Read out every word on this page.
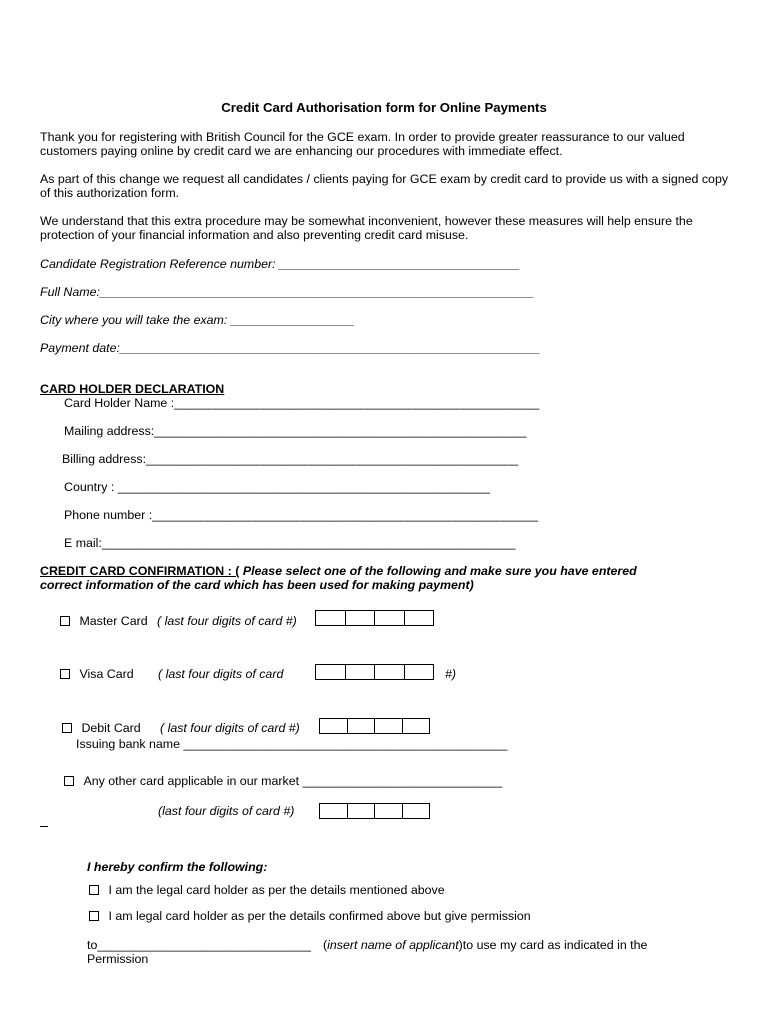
Credit Card Authorisation form for Online Payments
Thank you for registering with British Council for the GCE exam. In order to provide greater reassurance to our valued customers paying online by credit card we are enhancing our procedures with immediate effect.
As part of this change we request all candidates / clients paying for GCE exam by credit card to provide us with a signed copy of this authorization form.
We understand that this extra procedure may be somewhat inconvenient, however these measures will help ensure the protection of your financial information and also preventing credit card misuse.
Candidate Registration Reference number: ___________________________________
Full Name:_______________________________________________________________
City where you will take the exam: __________________
Payment date:_____________________________________________________________
CARD HOLDER DECLARATION
Card Holder Name :_____________________________________________________
Mailing address:______________________________________________________
Billing address:______________________________________________________
Country : ______________________________________________________
Phone number :________________________________________________________
E mail:____________________________________________________________
CREDIT CARD CONFIRMATION : ( Please select one of the following and make sure you have entered
correct information of the card which has been used for making payment)
Master Card ( last four digits of card #)
Visa Card ( last four digits of card	#)
Debit Card ( last four digits of card #)
Issuing bank name _______________________________________________
Any other card applicable in our market _____________________________
(last four digits of card #)
I hereby confirm the following:
I am the legal card holder as per the details mentioned above
I am legal card holder as per the details confirmed above but give permission
to_______________________________ (insert name of applicant)to use my card as indicated in the
Permission
